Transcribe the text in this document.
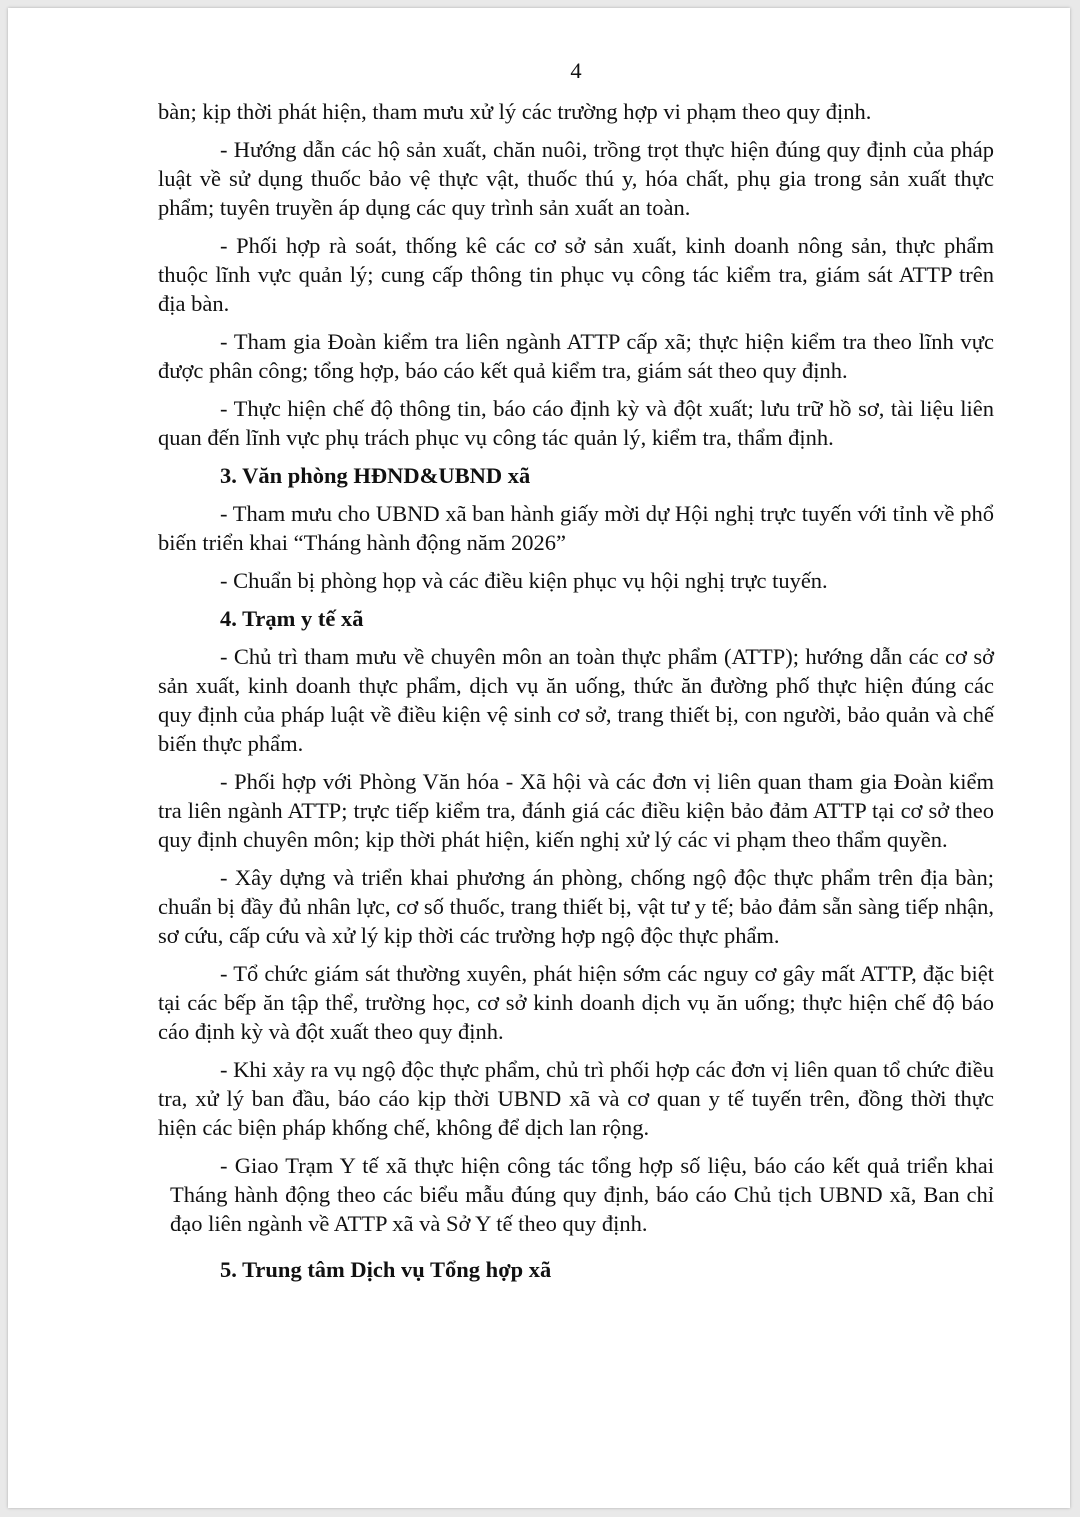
4

bàn; kịp thời phát hiện, tham mưu xử lý các trường hợp vi phạm theo quy định.

- Hướng dẫn các hộ sản xuất, chăn nuôi, trồng trọt thực hiện đúng quy định của pháp luật về sử dụng thuốc bảo vệ thực vật, thuốc thú y, hóa chất, phụ gia trong sản xuất thực phẩm; tuyên truyền áp dụng các quy trình sản xuất an toàn.

- Phối hợp rà soát, thống kê các cơ sở sản xuất, kinh doanh nông sản, thực phẩm thuộc lĩnh vực quản lý; cung cấp thông tin phục vụ công tác kiểm tra, giám sát ATTP trên địa bàn.

- Tham gia Đoàn kiểm tra liên ngành ATTP cấp xã; thực hiện kiểm tra theo lĩnh vực được phân công; tổng hợp, báo cáo kết quả kiểm tra, giám sát theo quy định.

- Thực hiện chế độ thông tin, báo cáo định kỳ và đột xuất; lưu trữ hồ sơ, tài liệu liên quan đến lĩnh vực phụ trách phục vụ công tác quản lý, kiểm tra, thẩm định.

3. Văn phòng HĐND&UBND xã

- Tham mưu cho UBND xã ban hành giấy mời dự Hội nghị trực tuyến với tỉnh về phổ biến triển khai “Tháng hành động năm 2026”

- Chuẩn bị phòng họp và các điều kiện phục vụ hội nghị trực tuyến.

4. Trạm y tế xã

- Chủ trì tham mưu về chuyên môn an toàn thực phẩm (ATTP); hướng dẫn các cơ sở sản xuất, kinh doanh thực phẩm, dịch vụ ăn uống, thức ăn đường phố thực hiện đúng các quy định của pháp luật về điều kiện vệ sinh cơ sở, trang thiết bị, con người, bảo quản và chế biến thực phẩm.

- Phối hợp với Phòng Văn hóa - Xã hội và các đơn vị liên quan tham gia Đoàn kiểm tra liên ngành ATTP; trực tiếp kiểm tra, đánh giá các điều kiện bảo đảm ATTP tại cơ sở theo quy định chuyên môn; kịp thời phát hiện, kiến nghị xử lý các vi phạm theo thẩm quyền.

- Xây dựng và triển khai phương án phòng, chống ngộ độc thực phẩm trên địa bàn; chuẩn bị đầy đủ nhân lực, cơ số thuốc, trang thiết bị, vật tư y tế; bảo đảm sẵn sàng tiếp nhận, sơ cứu, cấp cứu và xử lý kịp thời các trường hợp ngộ độc thực phẩm.

- Tổ chức giám sát thường xuyên, phát hiện sớm các nguy cơ gây mất ATTP, đặc biệt tại các bếp ăn tập thể, trường học, cơ sở kinh doanh dịch vụ ăn uống; thực hiện chế độ báo cáo định kỳ và đột xuất theo quy định.

- Khi xảy ra vụ ngộ độc thực phẩm, chủ trì phối hợp các đơn vị liên quan tổ chức điều tra, xử lý ban đầu, báo cáo kịp thời UBND xã và cơ quan y tế tuyến trên, đồng thời thực hiện các biện pháp khống chế, không để dịch lan rộng.

- Giao Trạm Y tế xã thực hiện công tác tổng hợp số liệu, báo cáo kết quả triển khai Tháng hành động theo các biểu mẫu đúng quy định, báo cáo Chủ tịch UBND xã, Ban chỉ đạo liên ngành về ATTP xã và Sở Y tế theo quy định.

5. Trung tâm Dịch vụ Tổng hợp xã
